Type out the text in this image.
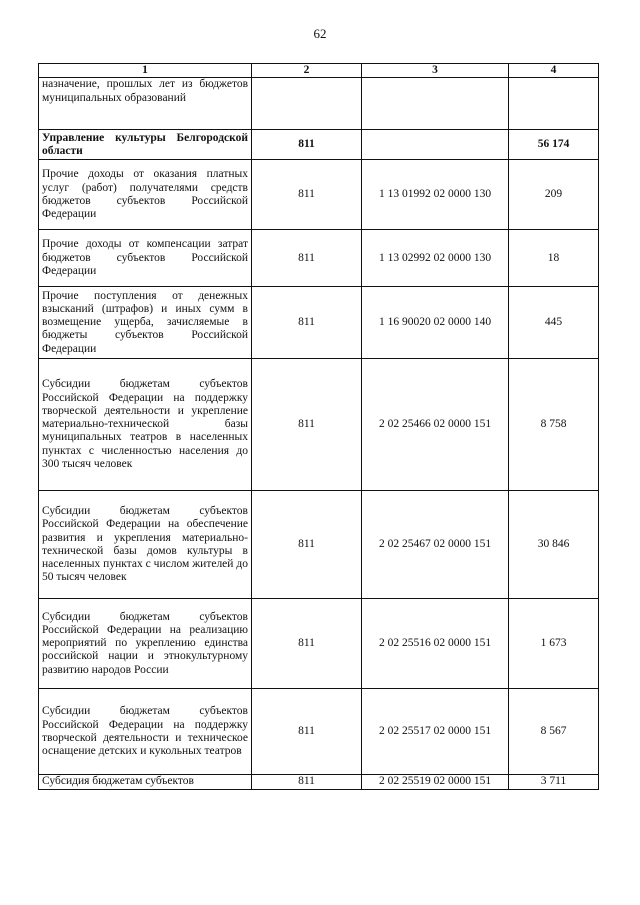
62
1	2	3	4
назначение, прошлых лет из бюджетов муниципальных образований			
Управление культуры Белгородской области	811		56 174
Прочие доходы от оказания платных услуг (работ) получателями средств бюджетов субъектов Российской Федерации	811	1 13 01992 02 0000 130	209
Прочие доходы от компенсации затрат бюджетов субъектов Российской Федерации	811	1 13 02992 02 0000 130	18
Прочие поступления от денежных взысканий (штрафов) и иных сумм в возмещение ущерба, зачисляемые в бюджеты субъектов Российской Федерации	811	1 16 90020 02 0000 140	445
Субсидии бюджетам субъектов Российской Федерации на поддержку творческой деятельности и укрепление материально-технической базы муниципальных театров в населенных пунктах с численностью населения до 300 тысяч человек	811	2 02 25466 02 0000 151	8 758
Субсидии бюджетам субъектов Российской Федерации на обеспечение развития и укрепления материально-технической базы домов культуры в населенных пунктах с числом жителей до 50 тысяч человек	811	2 02 25467 02 0000 151	30 846
Субсидии бюджетам субъектов Российской Федерации на реализацию мероприятий по укреплению единства российской нации и этнокультурному развитию народов России	811	2 02 25516 02 0000 151	1 673
Субсидии бюджетам субъектов Российской Федерации на поддержку творческой деятельности и техническое оснащение детских и кукольных театров	811	2 02 25517 02 0000 151	8 567
Субсидия бюджетам субъектов	811	2 02 25519 02 0000 151	3 711
